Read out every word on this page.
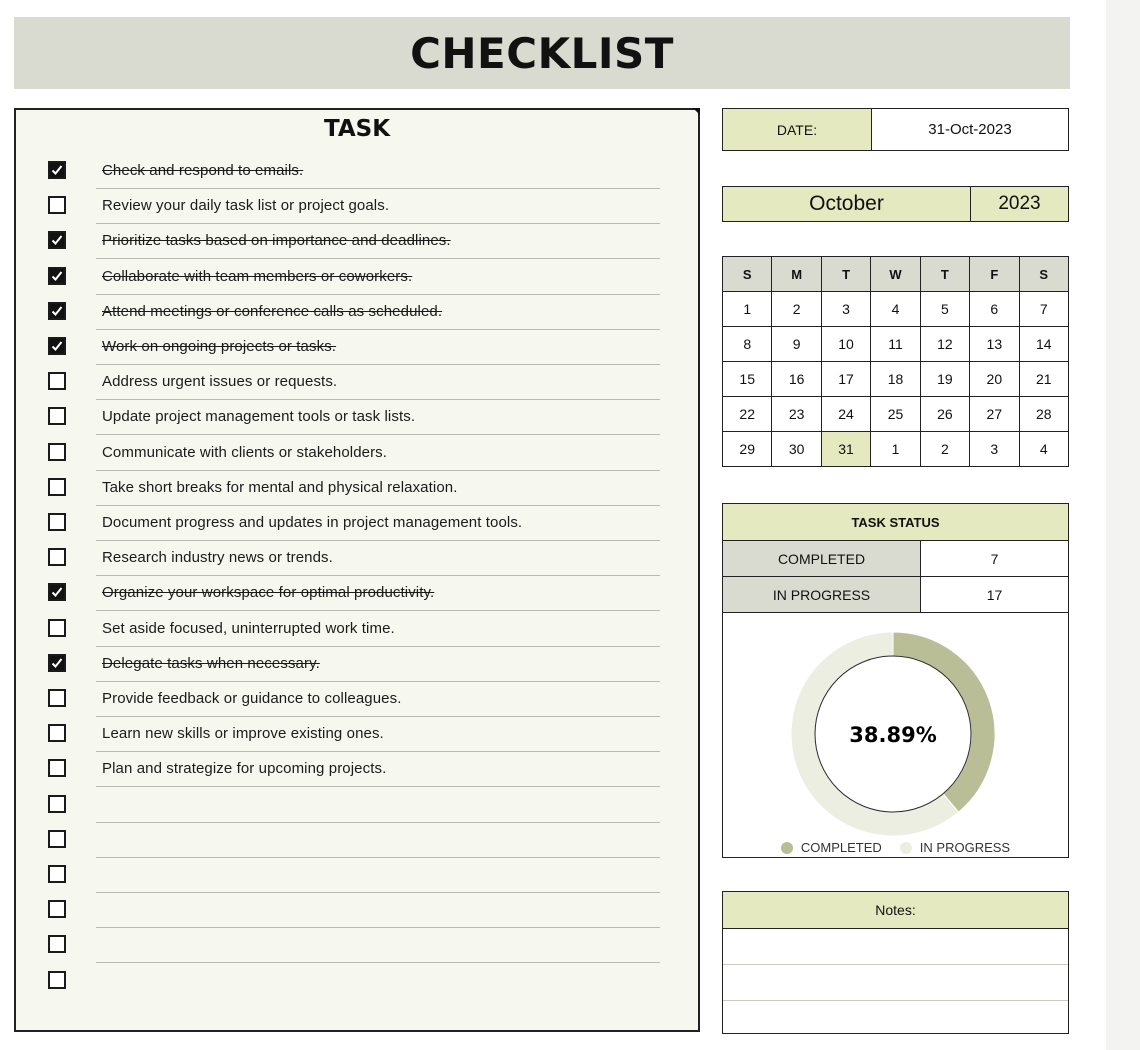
CHECKLIST
TASK
Check and respond to emails.
Review your daily task list or project goals.
Prioritize tasks based on importance and deadlines.
Collaborate with team members or coworkers.
Attend meetings or conference calls as scheduled.
Work on ongoing projects or tasks.
Address urgent issues or requests.
Update project management tools or task lists.
Communicate with clients or stakeholders.
Take short breaks for mental and physical relaxation.
Document progress and updates in project management tools.
Research industry news or trends.
Organize your workspace for optimal productivity.
Set aside focused, uninterrupted work time.
Delegate tasks when necessary.
Provide feedback or guidance to colleagues.
Learn new skills or improve existing ones.
Plan and strategize for upcoming projects.
DATE:	31-Oct-2023
October	2023
S	M	T	W	T	F	S
1	2	3	4	5	6	7
8	9	10	11	12	13	14
15	16	17	18	19	20	21
22	23	24	25	26	27	28
29	30	31	1	2	3	4
TASK STATUS
COMPLETED	7
IN PROGRESS	17
38.89%
COMPLETED	IN PROGRESS
Notes:
